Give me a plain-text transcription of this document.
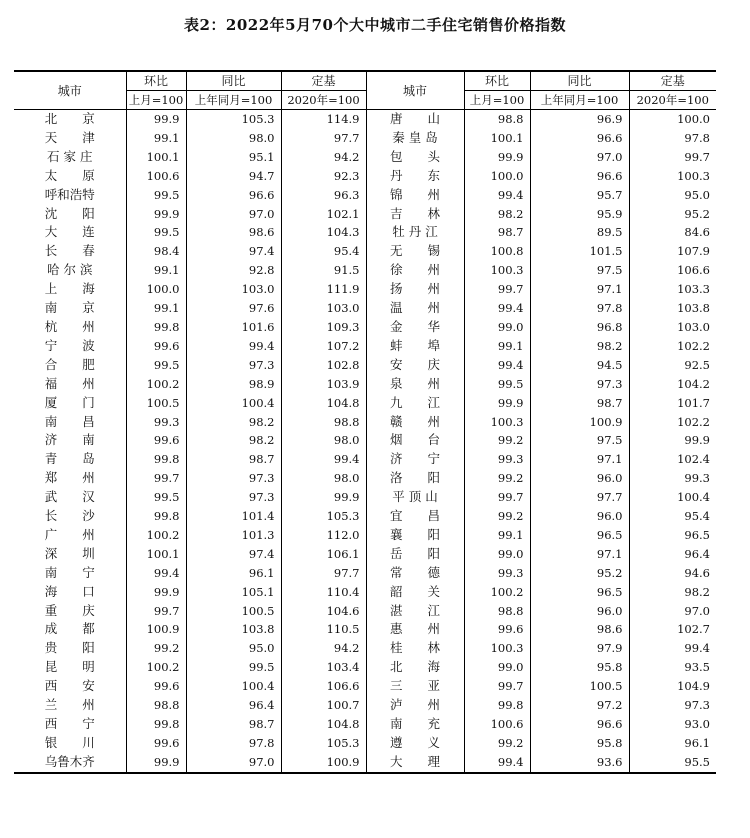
表2：2022年5月70个大中城市二手住宅销售价格指数
城市	环比	同比	定基	城市	环比	同比	定基
	上月=100	上年同月=100	2020年=100		上月=100	上年同月=100	2020年=100
北　　京	99.9	105.3	114.9	唐　　山	98.8	96.9	100.0
天　　津	99.1	98.0	97.7	秦 皇 岛	100.1	96.6	97.8
石 家 庄	100.1	95.1	94.2	包　　头	99.9	97.0	99.7
太　　原	100.6	94.7	92.3	丹　　东	100.0	96.6	100.3
呼和浩特	99.5	96.6	96.3	锦　　州	99.4	95.7	95.0
沈　　阳	99.9	97.0	102.1	吉　　林	98.2	95.9	95.2
大　　连	99.5	98.6	104.3	牡 丹 江	98.7	89.5	84.6
长　　春	98.4	97.4	95.4	无　　锡	100.8	101.5	107.9
哈 尔 滨	99.1	92.8	91.5	徐　　州	100.3	97.5	106.6
上　　海	100.0	103.0	111.9	扬　　州	99.7	97.1	103.3
南　　京	99.1	97.6	103.0	温　　州	99.4	97.8	103.8
杭　　州	99.8	101.6	109.3	金　　华	99.0	96.8	103.0
宁　　波	99.6	99.4	107.2	蚌　　埠	99.1	98.2	102.2
合　　肥	99.5	97.3	102.8	安　　庆	99.4	94.5	92.5
福　　州	100.2	98.9	103.9	泉　　州	99.5	97.3	104.2
厦　　门	100.5	100.4	104.8	九　　江	99.9	98.7	101.7
南　　昌	99.3	98.2	98.8	赣　　州	100.3	100.9	102.2
济　　南	99.6	98.2	98.0	烟　　台	99.2	97.5	99.9
青　　岛	99.8	98.7	99.4	济　　宁	99.3	97.1	102.4
郑　　州	99.7	97.3	98.0	洛　　阳	99.2	96.0	99.3
武　　汉	99.5	97.3	99.9	平 顶 山	99.7	97.7	100.4
长　　沙	99.8	101.4	105.3	宜　　昌	99.2	96.0	95.4
广　　州	100.2	101.3	112.0	襄　　阳	99.1	96.5	96.5
深　　圳	100.1	97.4	106.1	岳　　阳	99.0	97.1	96.4
南　　宁	99.4	96.1	97.7	常　　德	99.3	95.2	94.6
海　　口	99.9	105.1	110.4	韶　　关	100.2	96.5	98.2
重　　庆	99.7	100.5	104.6	湛　　江	98.8	96.0	97.0
成　　都	100.9	103.8	110.5	惠　　州	99.6	98.6	102.7
贵　　阳	99.2	95.0	94.2	桂　　林	100.3	97.9	99.4
昆　　明	100.2	99.5	103.4	北　　海	99.0	95.8	93.5
西　　安	99.6	100.4	106.6	三　　亚	99.7	100.5	104.9
兰　　州	98.8	96.4	100.7	泸　　州	99.8	97.2	97.3
西　　宁	99.8	98.7	104.8	南　　充	100.6	96.6	93.0
银　　川	99.6	97.8	105.3	遵　　义	99.2	95.8	96.1
乌鲁木齐	99.9	97.0	100.9	大　　理	99.4	93.6	95.5
